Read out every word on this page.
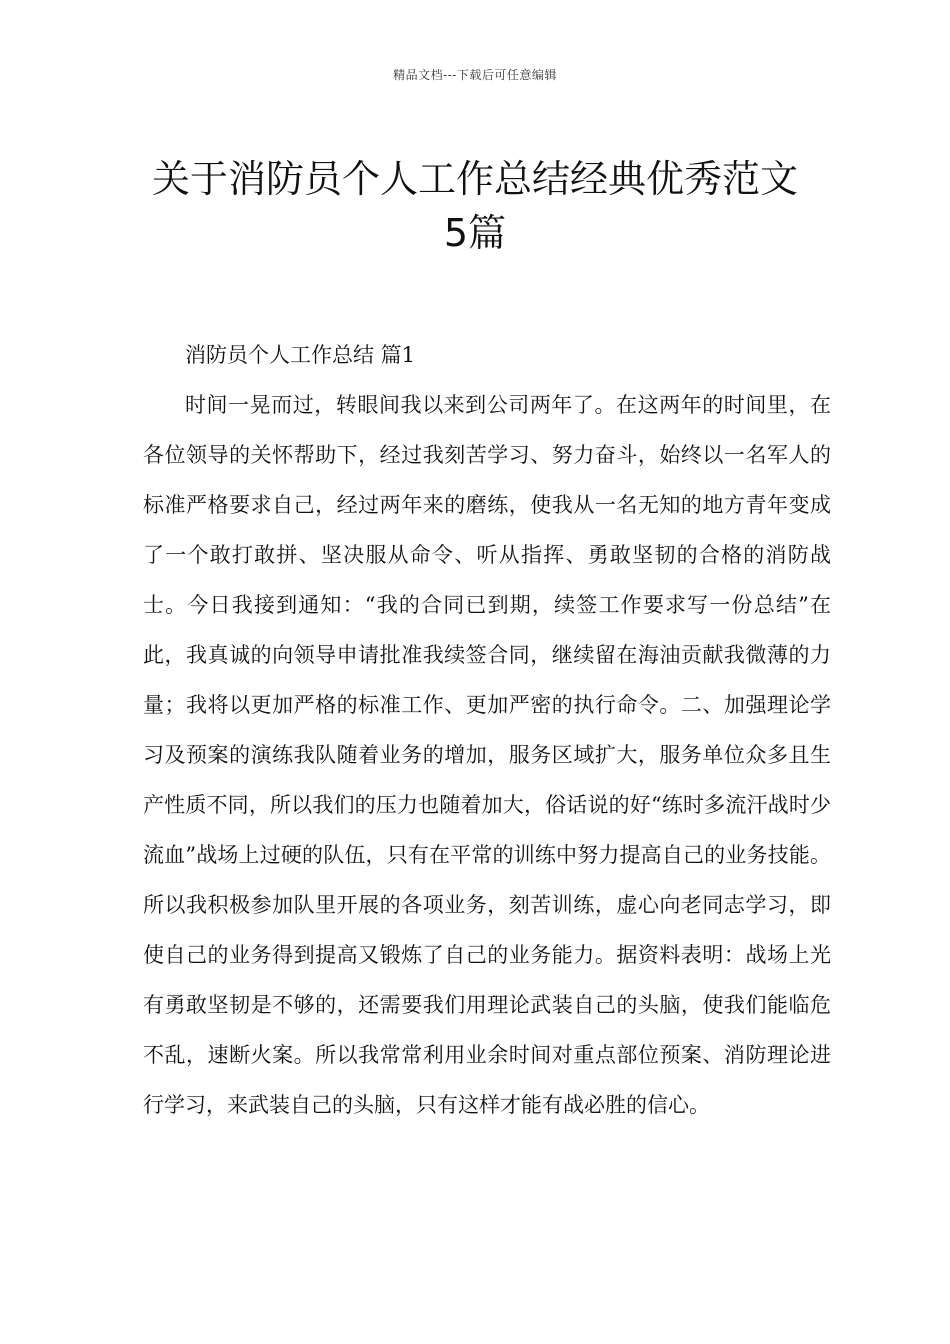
精品文档---下载后可任意编辑
关于消防员个人工作总结经典优秀范文
5篇
消防员个人工作总结 篇1

时间一晃而过，转眼间我以来到公司两年了。在这两年的时间里，在各位领导的关怀帮助下，经过我刻苦学习、努力奋斗，始终以一名军人的标准严格要求自己，经过两年来的磨练，使我从一名无知的地方青年变成了一个敢打敢拼、坚决服从命令、听从指挥、勇敢坚韧的合格的消防战士。今日我接到通知：“我的合同已到期，续签工作要求写一份总结”在此，我真诚的向领导申请批准我续签合同，继续留在海油贡献我微薄的力量；我将以更加严格的标准工作、更加严密的执行命令。二、加强理论学习及预案的演练我队随着业务的增加，服务区域扩大，服务单位众多且生产性质不同，所以我们的压力也随着加大，俗话说的好“练时多流汗战时少流血”战场上过硬的队伍，只有在平常的训练中努力提高自己的业务技能。所以我积极参加队里开展的各项业务，刻苦训练，虚心向老同志学习，即使自己的业务得到提高又锻炼了自己的业务能力。据资料表明：战场上光有勇敢坚韧是不够的，还需要我们用理论武装自己的头脑，使我们能临危不乱，速断火案。所以我常常利用业余时间对重点部位预案、消防理论进行学习，来武装自己的头脑，只有这样才能有战必胜的信心。
